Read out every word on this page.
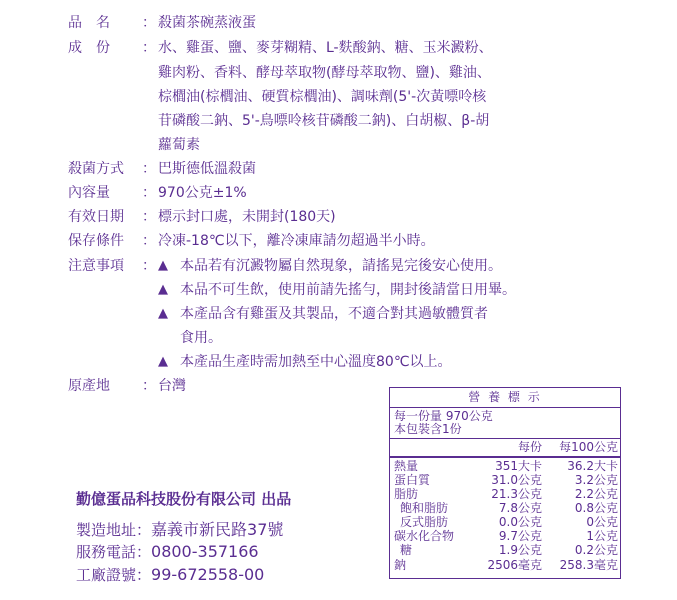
品　名	： 殺菌茶碗蒸液蛋
成　份	： 水、雞蛋、鹽、麥芽糊精、L-麩酸鈉、糖、玉米澱粉、
雞肉粉、香料、酵母萃取物(酵母萃取物、鹽)、雞油、
棕櫚油(棕櫚油、硬質棕櫚油)、調味劑(5'-次黃嘌呤核
苷磷酸二鈉、5'-鳥嘌呤核苷磷酸二鈉)、白胡椒、β-胡
蘿蔔素
殺菌方式	： 巴斯德低溫殺菌
內容量	： 970公克±1%
有效日期	： 標示封口處，未開封(180天)
保存條件	： 冷凍-18℃以下，離冷凍庫請勿超過半小時。
注意事項	： ▲ 本品若有沉澱物屬自然現象，請搖晃完後安心使用。
▲ 本品不可生飲，使用前請先搖勻，開封後請當日用畢。
▲ 本產品含有雞蛋及其製品，不適合對其過敏體質者
食用。
▲ 本產品生產時需加熱至中心溫度80℃以上。
原產地	： 台灣
勤億蛋品科技股份有限公司 出品
製造地址：嘉義市新民路37號
服務電話：0800-357166
工廠證號：99-672558-00
營 養 標 示
每一份量 970公克
本包裝含1份
每份 每100公克
熱量	351大卡 36.2大卡
蛋白質	31.0公克	3.2公克
脂肪	21.3公克	2.2公克
飽和脂肪	7.8公克	0.8公克
反式脂肪	0.0公克	0公克
碳水化合物	9.7公克	1公克
糖	1.9公克	0.2公克
鈉	2506毫克 258.3毫克
